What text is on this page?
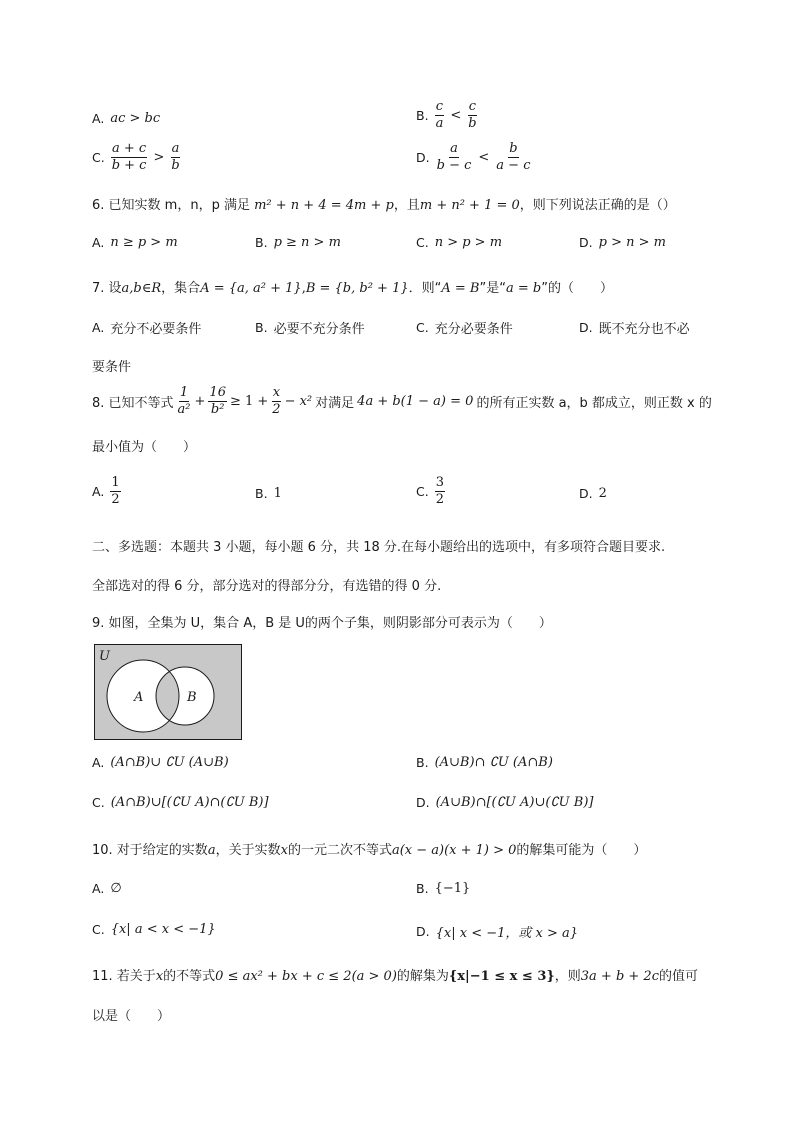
A. ac > bc	B. $\frac{c}{a} < \frac{c}{b}$
C. $\frac{a + c}{b + c} > \frac{a}{b}$	D. $\frac{a}{b - c} < \frac{b}{a - c}$
6. 已知实数 m，n，p 满足 m² + n + 4 = 4m + p，且m + n² + 1 = 0，则下列说法正确的是（）
A. n ≥ p > m	B. p ≥ n > m	C. n > p > m	D. p > n > m
7. 设a,b∈R，集合A = {a, a² + 1},B = {b, b² + 1}．则“A = B”是“a = b”的（　　）
A. 充分不必要条件	B. 必要不充分条件	C. 充分必要条件	D. 既不充分也不必
要条件
8. 已知不等式 $\frac{1}{\text{a²}} + \frac{16}{\text{b²}} \ge 1 + \frac{x}{2} - x^2$ 对满足 4a + b(1 − a) = 0 的所有正实数 a，b 都成立，则正数 x 的
最小值为（　　）
A. $\frac{1}{2}$	B. 1	C. $\frac{3}{2}$	D. 2
二、多选题：本题共 3 小题，每小题 6 分，共 18 分.在每小题给出的选项中，有多项符合题目要求.
全部选对的得 6 分，部分选对的得部分分，有选错的得 0 分.
9. 如图，全集为 U，集合 A，B 是 U的两个子集，则阴影部分可表示为（　　）
U
A	B
A. (A∩B)∪ ∁U (A∪B)	B. (A∪B)∩ ∁U (A∩B)
C. (A∩B)∪[(∁U A)∩(∁U B)]	D. (A∪B)∩[(∁U A)∪(∁U B)]
10. 对于给定的实数a，关于实数x的一元二次不等式a(x − a)(x + 1) > 0的解集可能为（　　）
A. ∅	B. {−1}
C. {x| a < x < −1}	D. {x| x < −1，或 x > a}
11. 若关于x的不等式0 ≤ ax² + bx + c ≤ 2(a > 0)的解集为{x|−1 ≤ x ≤ 3}，则3a + b + 2c的值可
以是（　　）
